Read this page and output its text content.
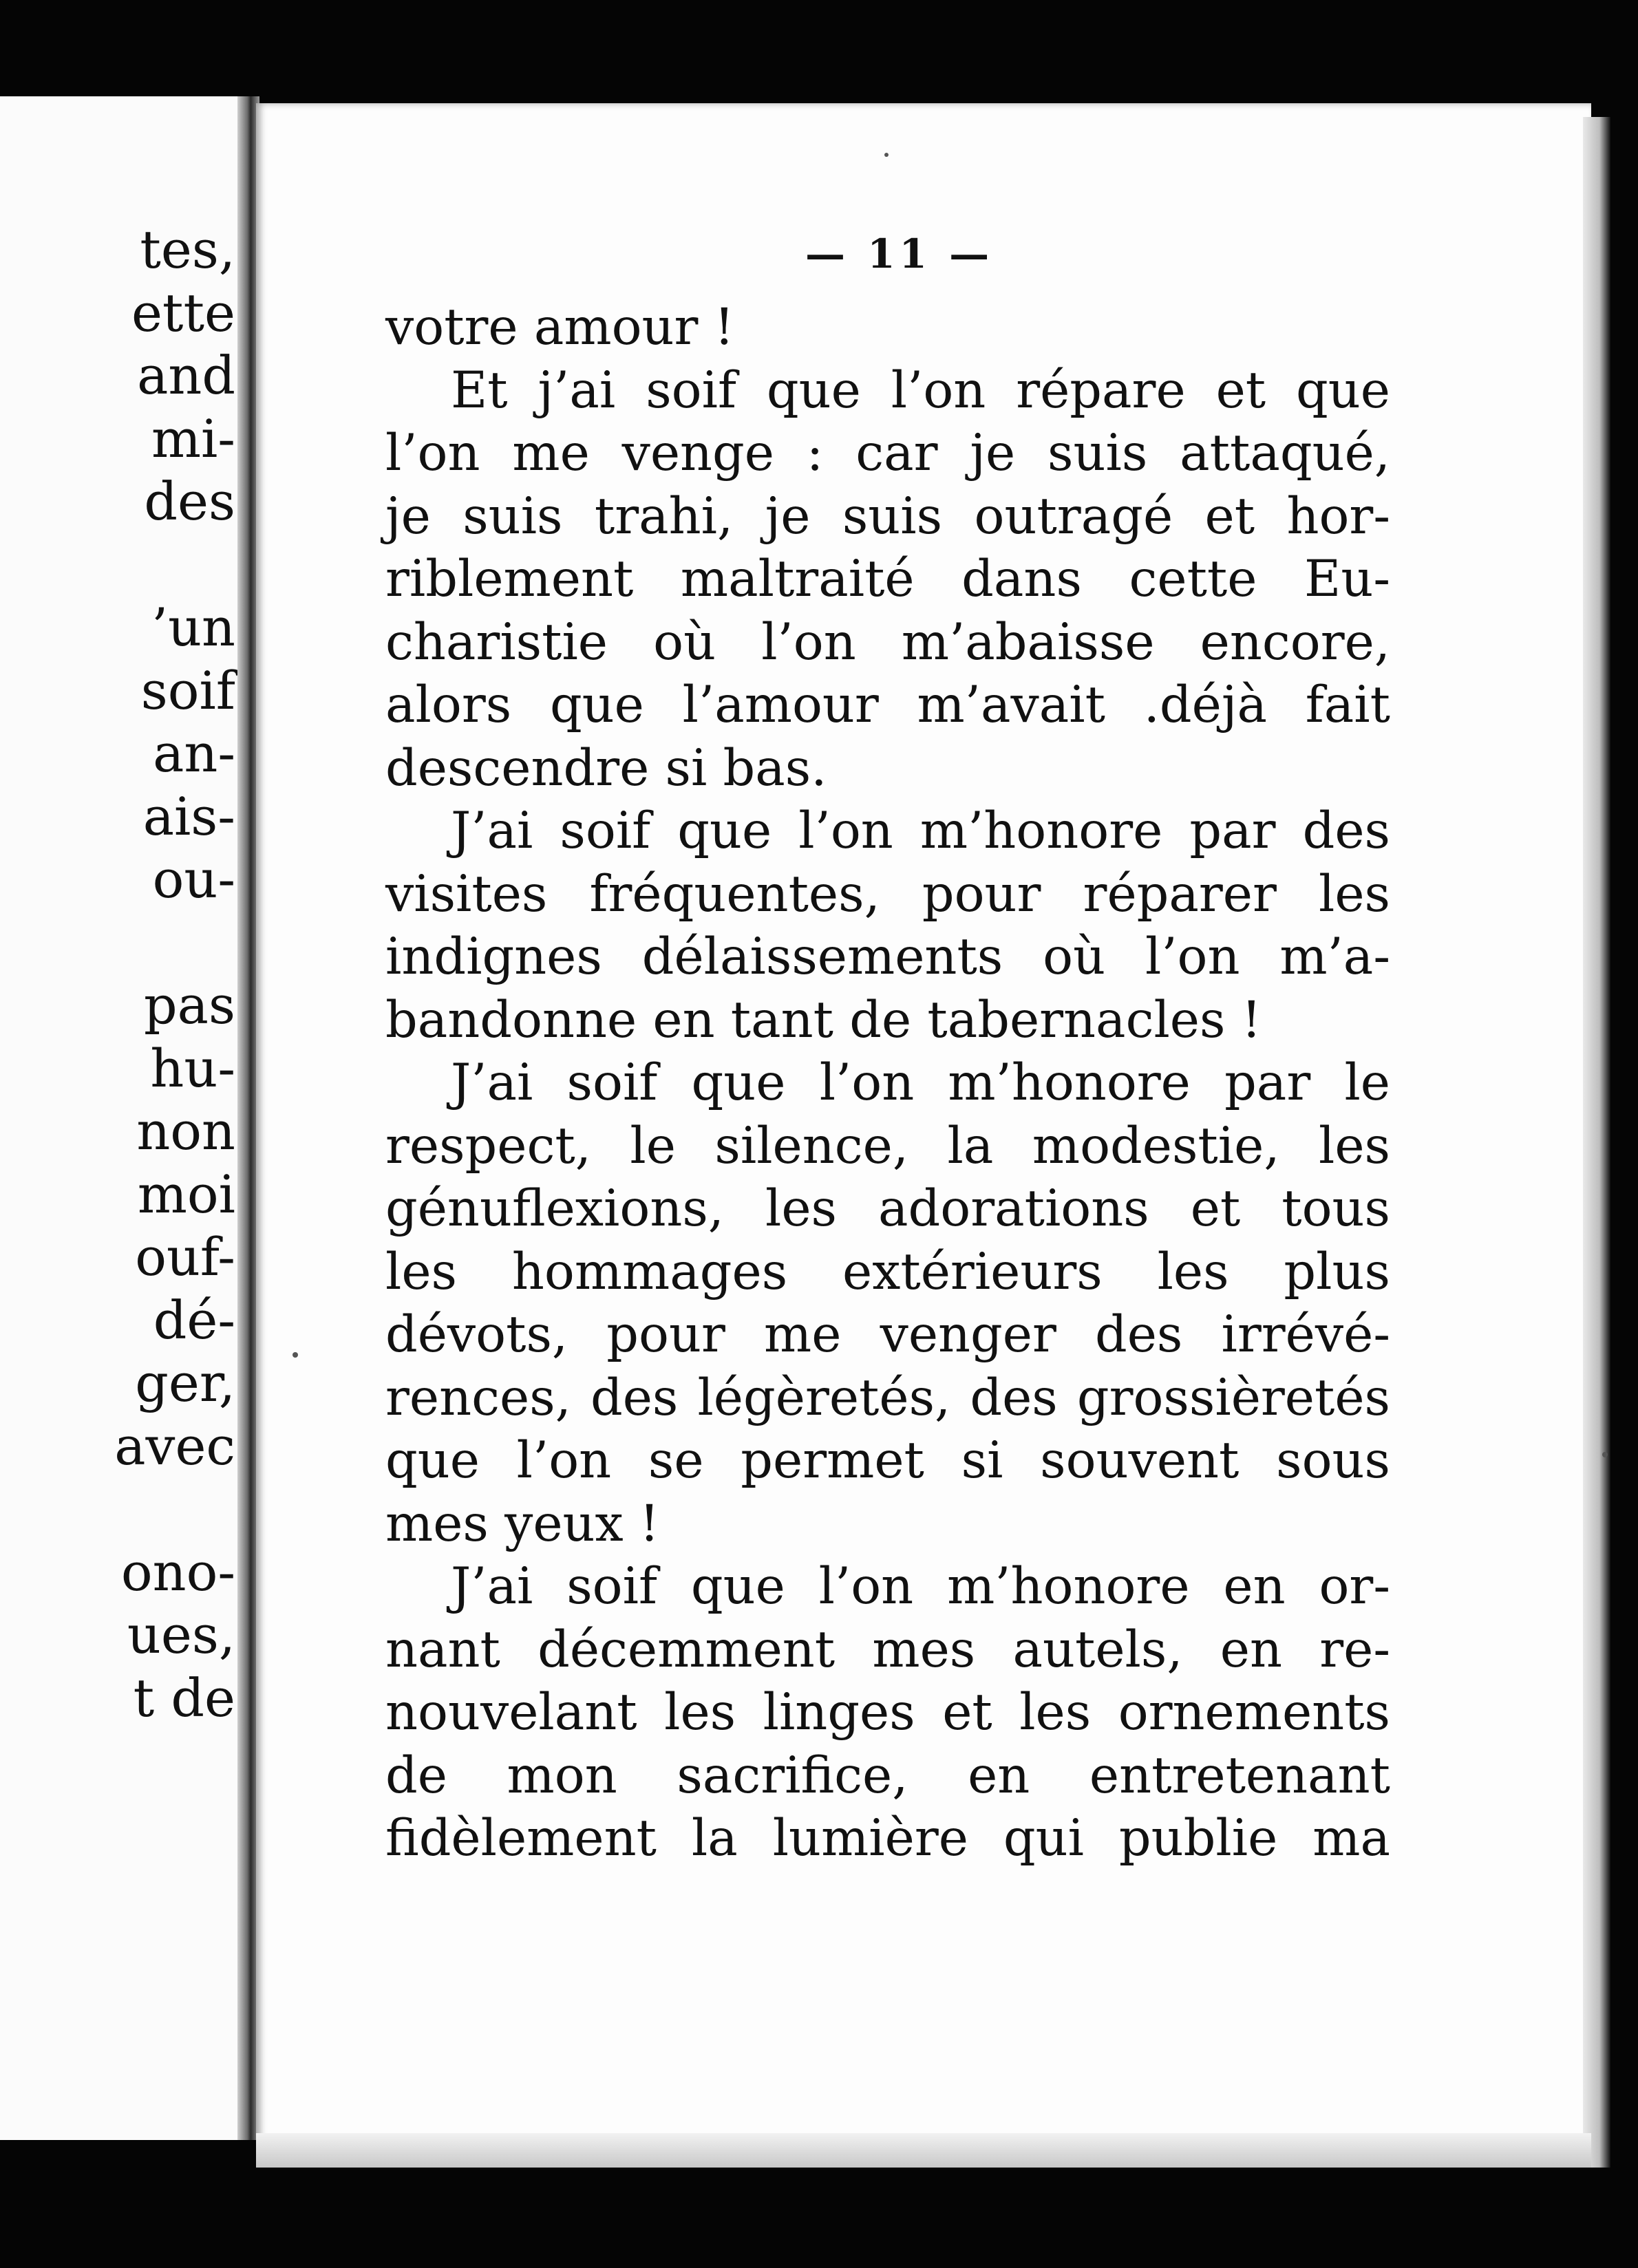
tes,
ette
and
mi-
des
’un
soif
an-
ais-
ou-
pas
hu-
non
moi
ouf-
dé-
ger,
avec
ono-
ues,
t de
— 11 —
votre amour !
Et j’ai soif que l’on répare et que
l’on me venge : car je suis attaqué,
je suis trahi, je suis outragé et hor-
riblement maltraité dans cette Eu-
charistie où l’on m’abaisse encore,
alors que l’amour m’avait .déjà fait
descendre si bas.
J’ai soif que l’on m’honore par des
visites fréquentes, pour réparer les
indignes délaissements où l’on m’a-
bandonne en tant de tabernacles !
J’ai soif que l’on m’honore par le
respect, le silence, la modestie, les
génuflexions, les adorations et tous
les hommages extérieurs les plus
dévots, pour me venger des irrévé-
rences, des légèretés, des grossièretés
que l’on se permet si souvent sous
mes yeux !
J’ai soif que l’on m’honore en or-
nant décemment mes autels, en re-
nouvelant les linges et les ornements
de mon sacrifice, en entretenant
fidèlement la lumière qui publie ma
